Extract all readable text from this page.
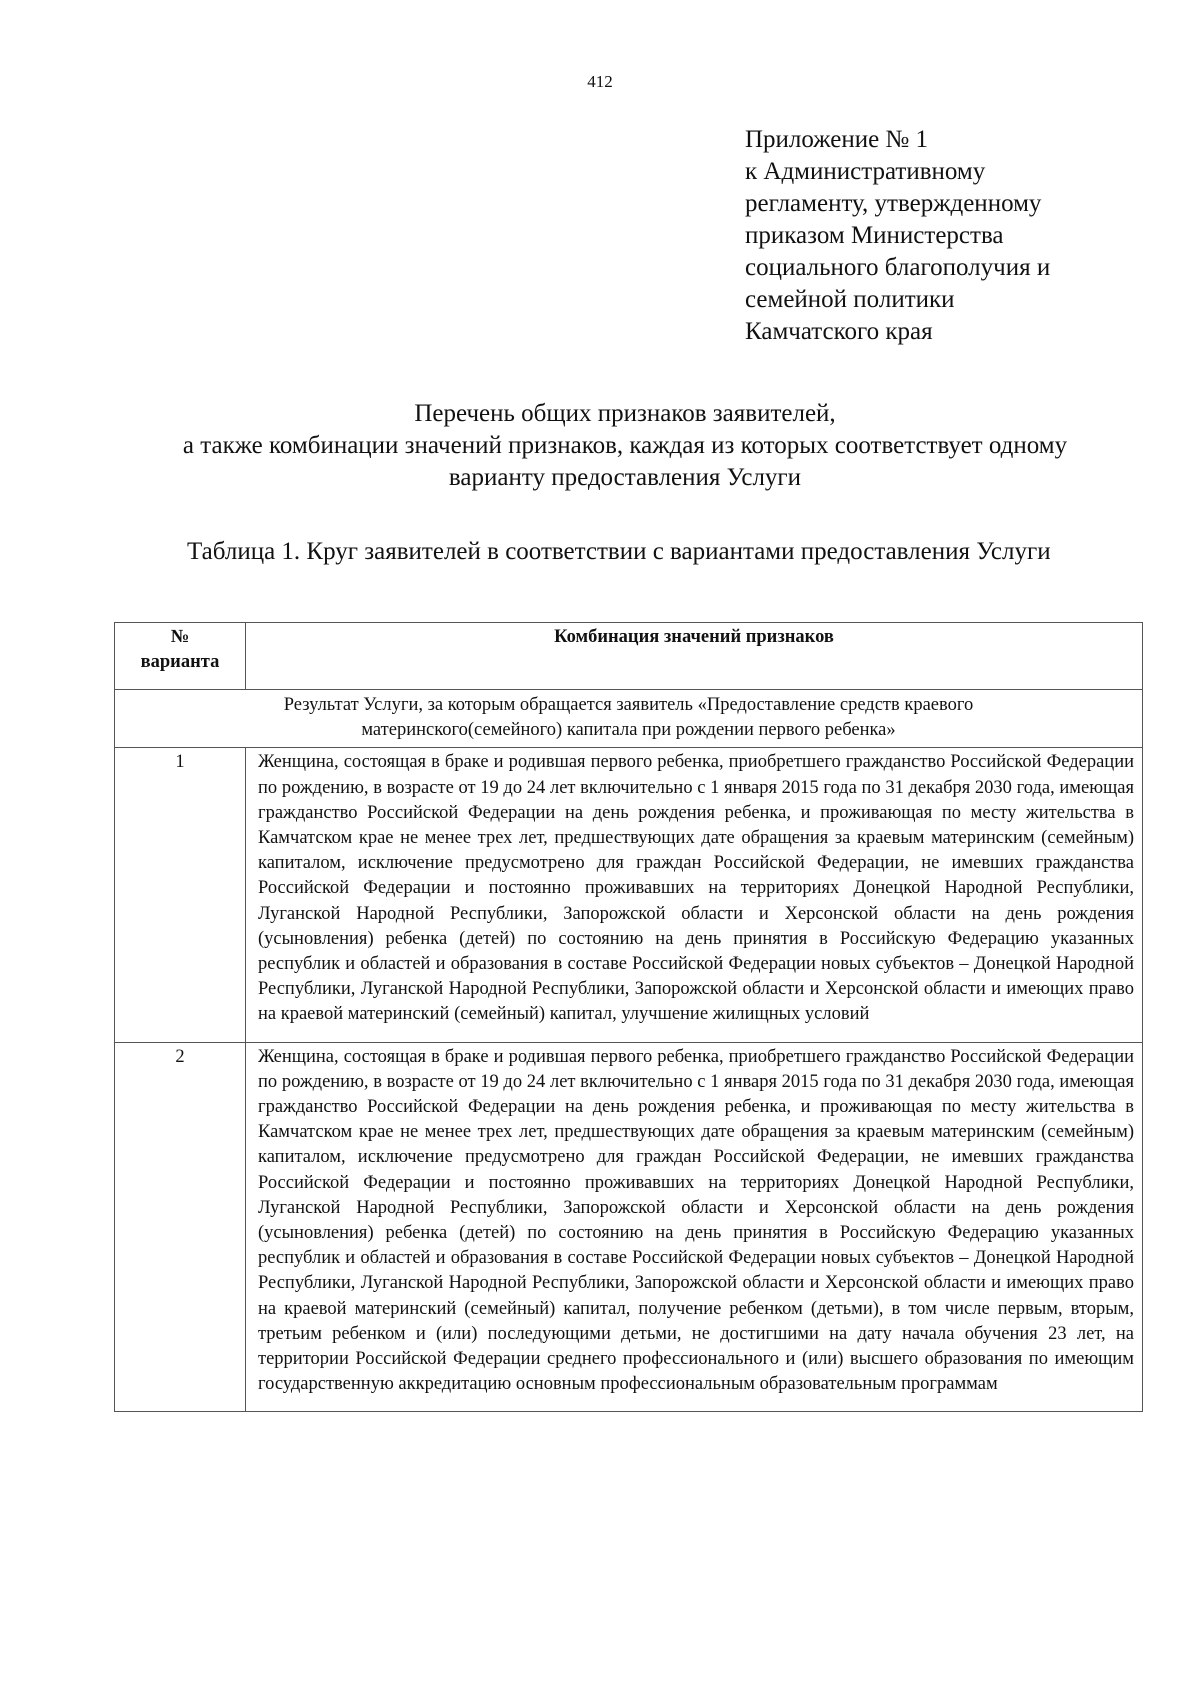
412
Приложение № 1
к Административному
регламенту, утвержденному
приказом Министерства
социального благополучия и
семейной политики
Камчатского края
Перечень общих признаков заявителей,
а также комбинации значений признаков, каждая из которых соответствует одному
варианту предоставления Услуги
Таблица 1. Круг заявителей в соответствии с вариантами предоставления Услуги
№
варианта	Комбинация значений признаков

Результат Услуги, за которым обращается заявитель «Предоставление средств краевого
материнского(семейного) капитала при рождении первого ребенка»	

1	Женщина, состоящая в браке и родившая первого ребенка, приобретшего гражданство Российской Федерации по рождению, в возрасте от 19 до 24 лет включительно с 1 января 2015 года по 31 декабря 2030 года, имеющая гражданство Российской Федерации на день рождения ребенка, и проживающая по месту жительства в Камчатском крае не менее трех лет, предшествующих дате обращения за краевым материнским (семейным) капиталом, исключение предусмотрено для граждан Российской Федерации, не имевших гражданства Российской Федерации и постоянно проживавших на территориях Донецкой Народной Республики, Луганской Народной Республики, Запорожской области и Херсонской области на день рождения (усыновления) ребенка (детей) по состоянию на день принятия в Российскую Федерацию указанных республик и областей и образования в составе Российской Федерации новых субъектов – Донецкой Народной Республики, Луганской Народной Республики, Запорожской области и Херсонской области и имеющих право на краевой материнский (семейный) капитал, улучшение жилищных условий
2	Женщина, состоящая в браке и родившая первого ребенка, приобретшего гражданство Российской Федерации по рождению, в возрасте от 19 до 24 лет включительно с 1 января 2015 года по 31 декабря 2030 года, имеющая гражданство Российской Федерации на день рождения ребенка, и проживающая по месту жительства в Камчатском крае не менее трех лет, предшествующих дате обращения за краевым материнским (семейным) капиталом, исключение предусмотрено для граждан Российской Федерации, не имевших гражданства Российской Федерации и постоянно проживавших на территориях Донецкой Народной Республики, Луганской Народной Республики, Запорожской области и Херсонской области на день рождения (усыновления) ребенка (детей) по состоянию на день принятия в Российскую Федерацию указанных республик и областей и образования в составе Российской Федерации новых субъектов – Донецкой Народной Республики, Луганской Народной Республики, Запорожской области и Херсонской области и имеющих право на краевой материнский (семейный) капитал, получение ребенком (детьми), в том числе первым, вторым, третьим ребенком и (или) последующими детьми, не достигшими на дату начала обучения 23 лет, на территории Российской Федерации среднего профессионального и (или) высшего образования по имеющим государственную аккредитацию основным профессиональным образовательным программам
